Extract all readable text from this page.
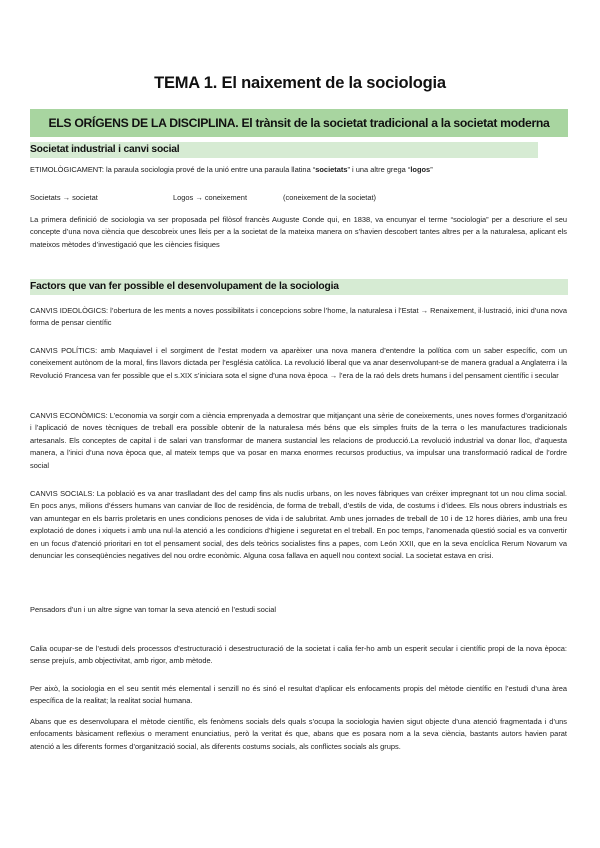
TEMA 1. El naixement de la sociologia
ELS ORÍGENS DE LA DISCIPLINA. El trànsit de la societat tradicional a la societat moderna
Societat industrial i canvi social

ETIMOLÒGICAMENT: la paraula sociologia prové de la unió entre una paraula llatina “societats” i una altre grega “logos”

Societats → societat	Logos → coneixement	(coneixement de la societat)

La primera definició de sociologia va ser proposada pel filòsof francès Auguste Conde qui, en 1838, va encunyar el terme “sociologia” per a descriure el seu concepte d’una nova ciència que descobreix unes lleis per a la societat de la mateixa manera on s’havien descobert tantes altres per a la naturalesa, aplicant els mateixos mètodes d’investigació que les ciències físiques

Factors que van fer possible el desenvolupament de la sociologia

CANVIS IDEOLÒGICS: l’obertura de les ments a noves possibilitats i concepcions sobre l’home, la naturalesa i l’Estat → Renaixement, il·lustració, inici d’una nova forma de pensar científic

CANVIS POLÍTICS: amb Maquiavel i el sorgiment de l’estat modern va aparèixer una nova manera d’entendre la política com un saber específic, com un coneixement autònom de la moral, fins llavors dictada per l’església catòlica. La revolució liberal que va anar desenvolupant-se de manera gradual a Anglaterra i la Revolució Francesa van fer possible que el s.XIX s’iniciara sota el signe d’una nova època → l’era de la raó dels drets humans i del pensament científic i secular

CANVIS ECONÒMICS: L’economia va sorgir com a ciència emprenyada a demostrar que mitjançant una sèrie de coneixements, unes noves formes d’organització i l’aplicació de noves tècniques de treball era possible obtenir de la naturalesa més béns que els simples fruits de la terra o les manufactures tradicionals artesanals. Els conceptes de capital i de salari van transformar de manera sustancial les relacions de producció.La revolució industrial va donar lloc, d’aquesta manera, a l’inici d’una nova època que, al mateix temps que va posar en marxa enormes recursos productius, va impulsar una transformació radical de l’ordre social

CANVIS SOCIALS: La població es va anar traslladant des del camp fins als nuclis urbans, on les noves fàbriques van créixer impregnant tot un nou clima social. En pocs anys, milions d’éssers humans van canviar de lloc de residència, de forma de treball, d’estils de vida, de costums i d’idees. Els nous obrers industrials es van amuntegar en els barris proletaris en unes condicions penoses de vida i de salubritat. Amb unes jornades de treball de 10 i de 12 hores diàries, amb una freu explotació de dones i xiquets i amb una nul·la atenció a les condicions d’higiene i seguretat en el treball. En poc temps, l’anomenada qüestió social es va convertir en un focus d’atenció prioritari en tot el pensament social, des dels teòrics socialistes fins a papes, com León XXII, que en la seva encíclica Rerum Novarum va denunciar les conseqüències negatives del nou ordre econòmic. Alguna cosa fallava en aquell nou context social. La societat estava en crisi.

Pensadors d’un i un altre signe van tornar la seva atenció en l’estudi social

Calia ocupar-se de l’estudi dels processos d’estructuració i desestructuració de la societat i calia fer-ho amb un esperit secular i científic propi de la nova època: sense prejuís, amb objectivitat, amb rigor, amb mètode.

Per això, la sociologia en el seu sentit més elemental i senzill no és sinó el resultat d’aplicar els enfocaments propis del mètode científic en l’estudi d’una àrea específica de la realitat; la realitat social humana.

Abans que es desenvolupara el mètode científic, els fenòmens socials dels quals s’ocupa la sociologia havien sigut objecte d’una atenció fragmentada i d’uns enfocaments bàsicament reflexius o merament enunciatius, però la veritat és que, abans que es posara nom a la seva ciència, bastants autors havien parat atenció a les diferents formes d’organització social, als diferents costums socials, als conflictes socials als grups.
